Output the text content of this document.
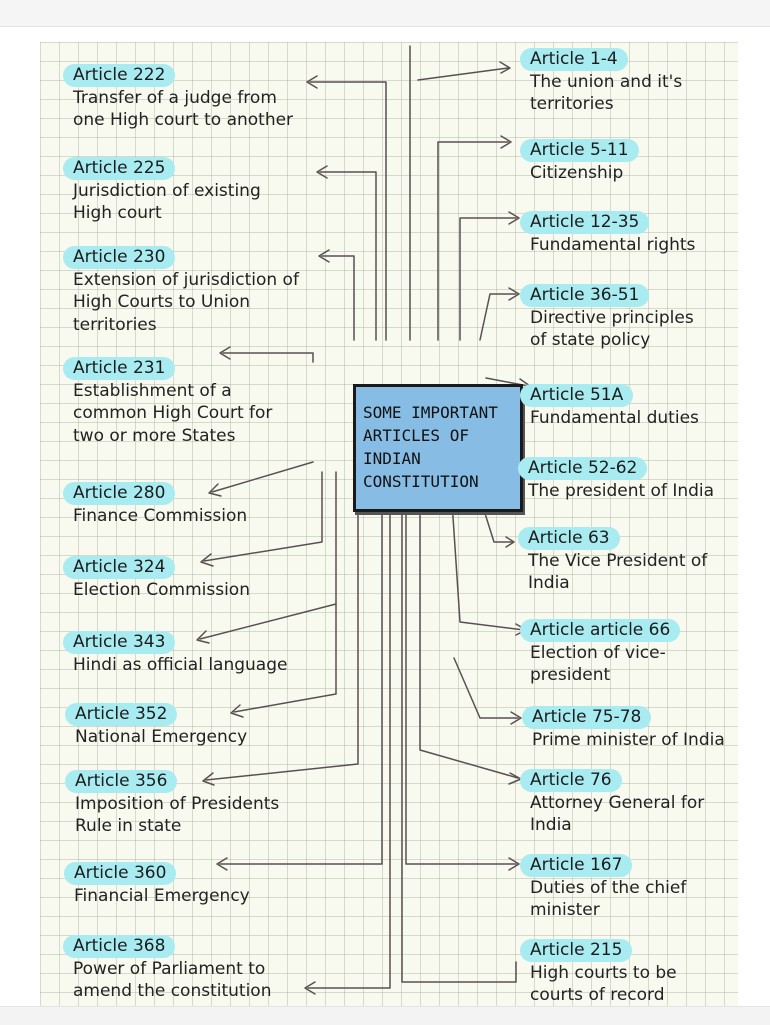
SOME IMPORTANT
ARTICLES OF
INDIAN
CONSTITUTION
Article 222
Transfer of a judge from
one High court to another
Article 225
Jurisdiction of existing
High court
Article 230
Extension of jurisdiction of
High Courts to Union
territories
Article 231
Establishment of a
common High Court for
two or more States
Article 280
Finance Commission
Article 324
Election Commission
Article 343
Hindi as official language
Article 352
National Emergency
Article 356
Imposition of Presidents
Rule in state
Article 360
Financial Emergency
Article 368
Power of Parliament to
amend the constitution
Article 1-4
The union and it's
territories
Article 5-11
Citizenship
Article 12-35
Fundamental rights
Article 36-51
Directive principles
of state policy
Article 51A
Fundamental duties
Article 52-62
The president of India
Article 63
The Vice President of
India
Article article 66
Election of vice-
president
Article 75-78
Prime minister of India
Article 76
Attorney General for
India
Article 167
Duties of the chief
minister
Article 215
High courts to be
courts of record
